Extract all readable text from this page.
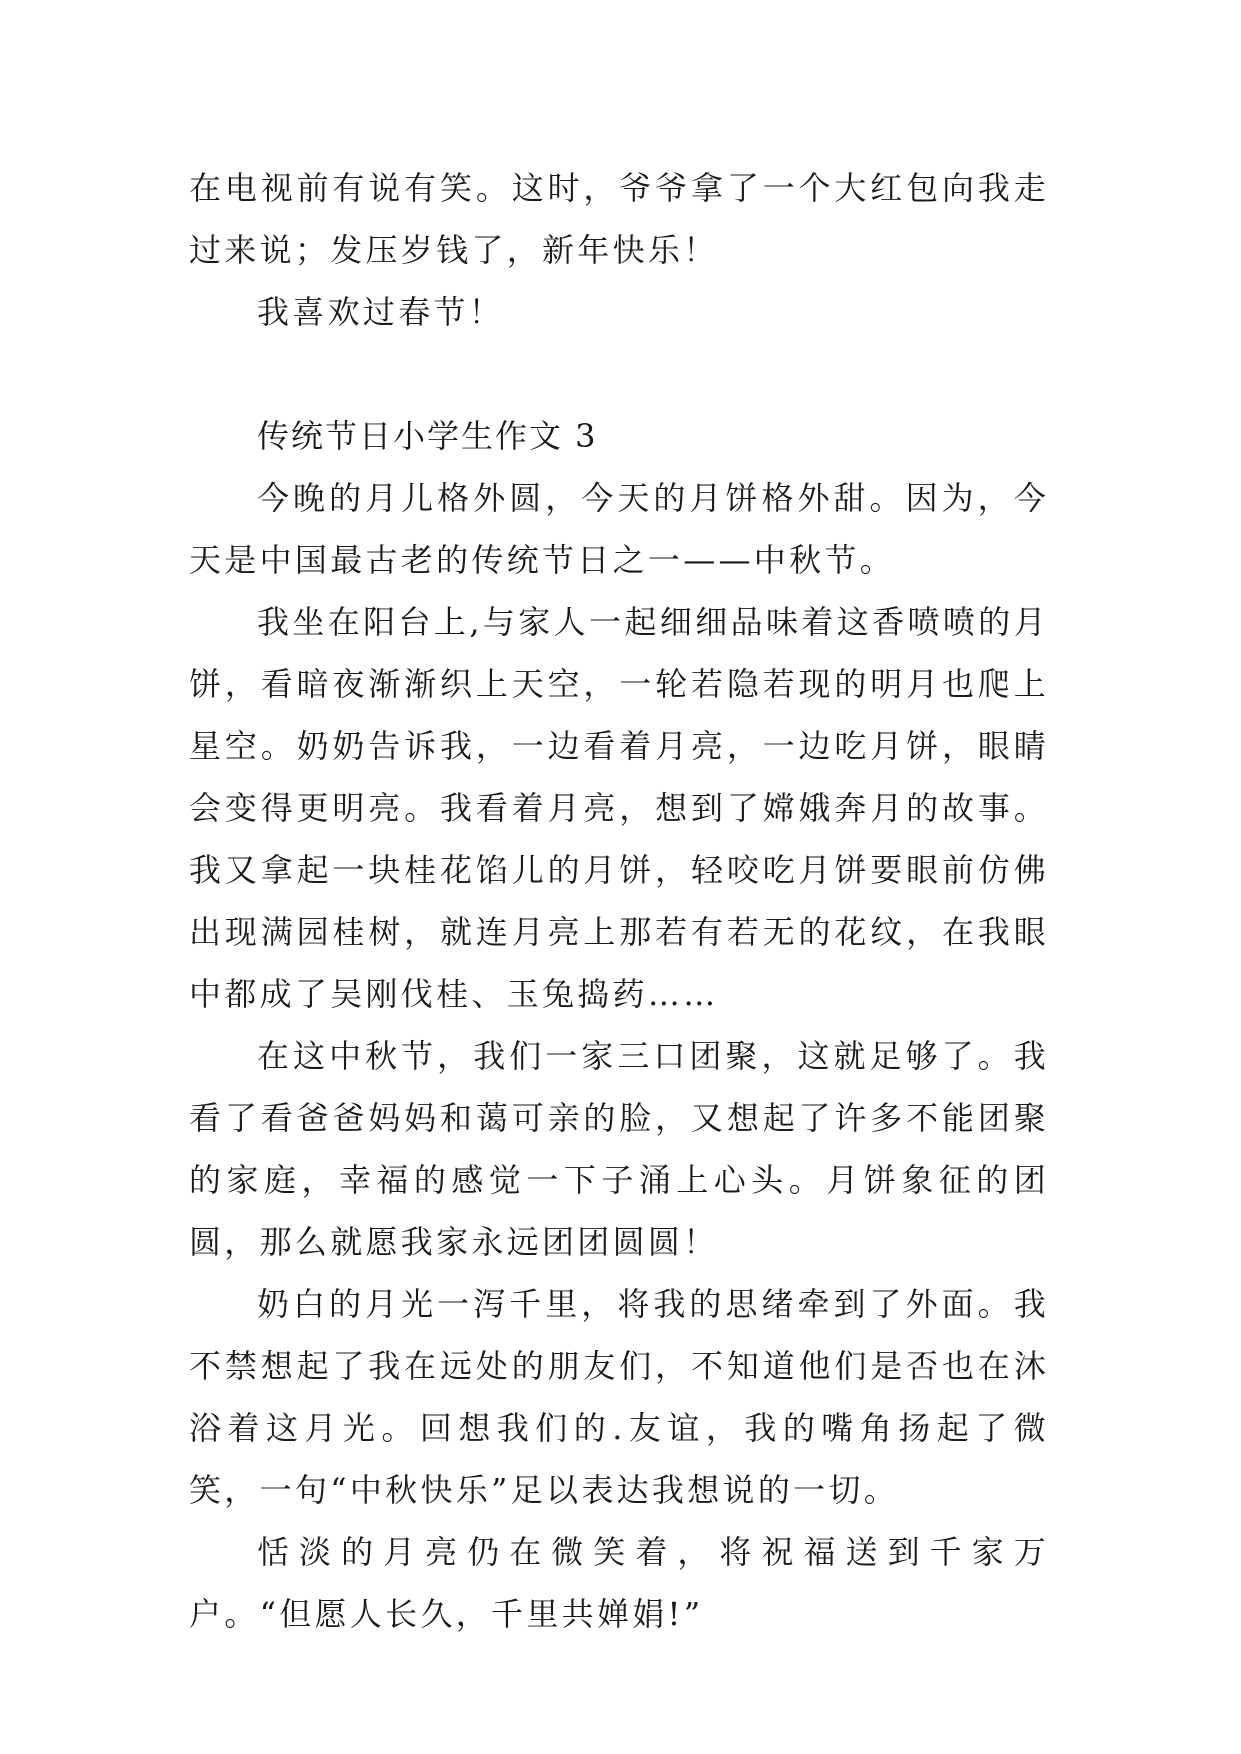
在电视前有说有笑。这时，爷爷拿了一个大红包向我走过来说；发压岁钱了，新年快乐！

我喜欢过春节！

传统节日小学生作文 3

今晚的月儿格外圆，今天的月饼格外甜。因为，今天是中国最古老的传统节日之一——中秋节。

我坐在阳台上,与家人一起细细品味着这香喷喷的月饼，看暗夜渐渐织上天空，一轮若隐若现的明月也爬上星空。奶奶告诉我，一边看着月亮，一边吃月饼，眼睛会变得更明亮。我看着月亮，想到了嫦娥奔月的故事。我又拿起一块桂花馅儿的月饼，轻咬吃月饼要眼前仿佛出现满园桂树，就连月亮上那若有若无的花纹，在我眼中都成了吴刚伐桂、玉兔捣药……

在这中秋节，我们一家三口团聚，这就足够了。我看了看爸爸妈妈和蔼可亲的脸，又想起了许多不能团聚的家庭，幸福的感觉一下子涌上心头。月饼象征的团圆，那么就愿我家永远团团圆圆！

奶白的月光一泻千里，将我的思绪牵到了外面。我不禁想起了我在远处的朋友们，不知道他们是否也在沐浴着这月光。回想我们的.友谊，我的嘴角扬起了微笑，一句“中秋快乐”足以表达我想说的一切。

恬淡的月亮仍在微笑着，将祝福送到千家万户。“但愿人长久，千里共婵娟!”
